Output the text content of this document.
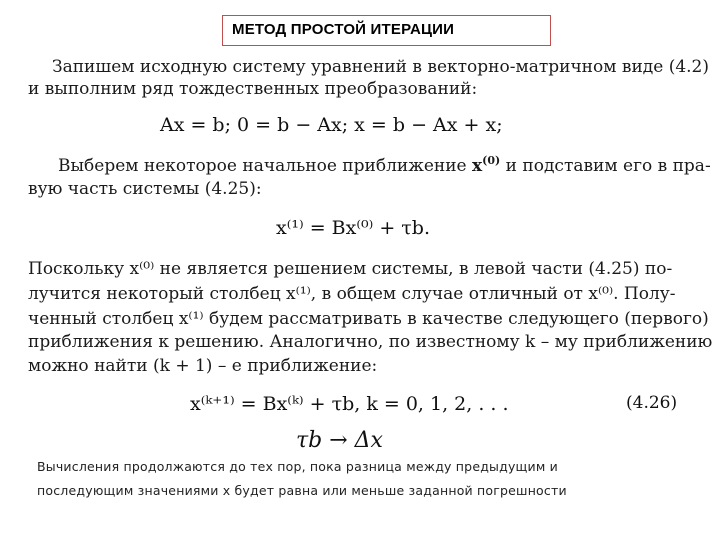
МЕТОД ПРОСТОЙ ИТЕРАЦИИ
Запишем исходную систему уравнений в векторно-матричном виде (4.2)
и выполним ряд тождественных преобразований:
Ax = b; 0 = b − Ax; x = b − Ax + x;
Выберем некоторое начальное приближение $x^{(0)}$ и подставим его в пра-
вую часть системы (4.25):
x⁽¹⁾ = Bx⁽⁰⁾ + τb.
Поскольку x⁽⁰⁾ не является решением системы, в левой части (4.25) по-
лучится некоторый столбец x⁽¹⁾, в общем случае отличный от x⁽⁰⁾. Полу-
ченный столбец x⁽¹⁾ будем рассматривать в качестве следующего (первого)
приближения к решению. Аналогично, по известному k – му приближению
можно найти (k + 1) – е приближение:
x⁽ᵏ⁺¹⁾ = Bx⁽ᵏ⁾ + τb, k = 0, 1, 2, . . .	(4.26)
τb → Δx
Вычисления продолжаются до тех пор, пока разница между предыдущим и
последующим значениями x будет равна или меньше заданной погрешности
